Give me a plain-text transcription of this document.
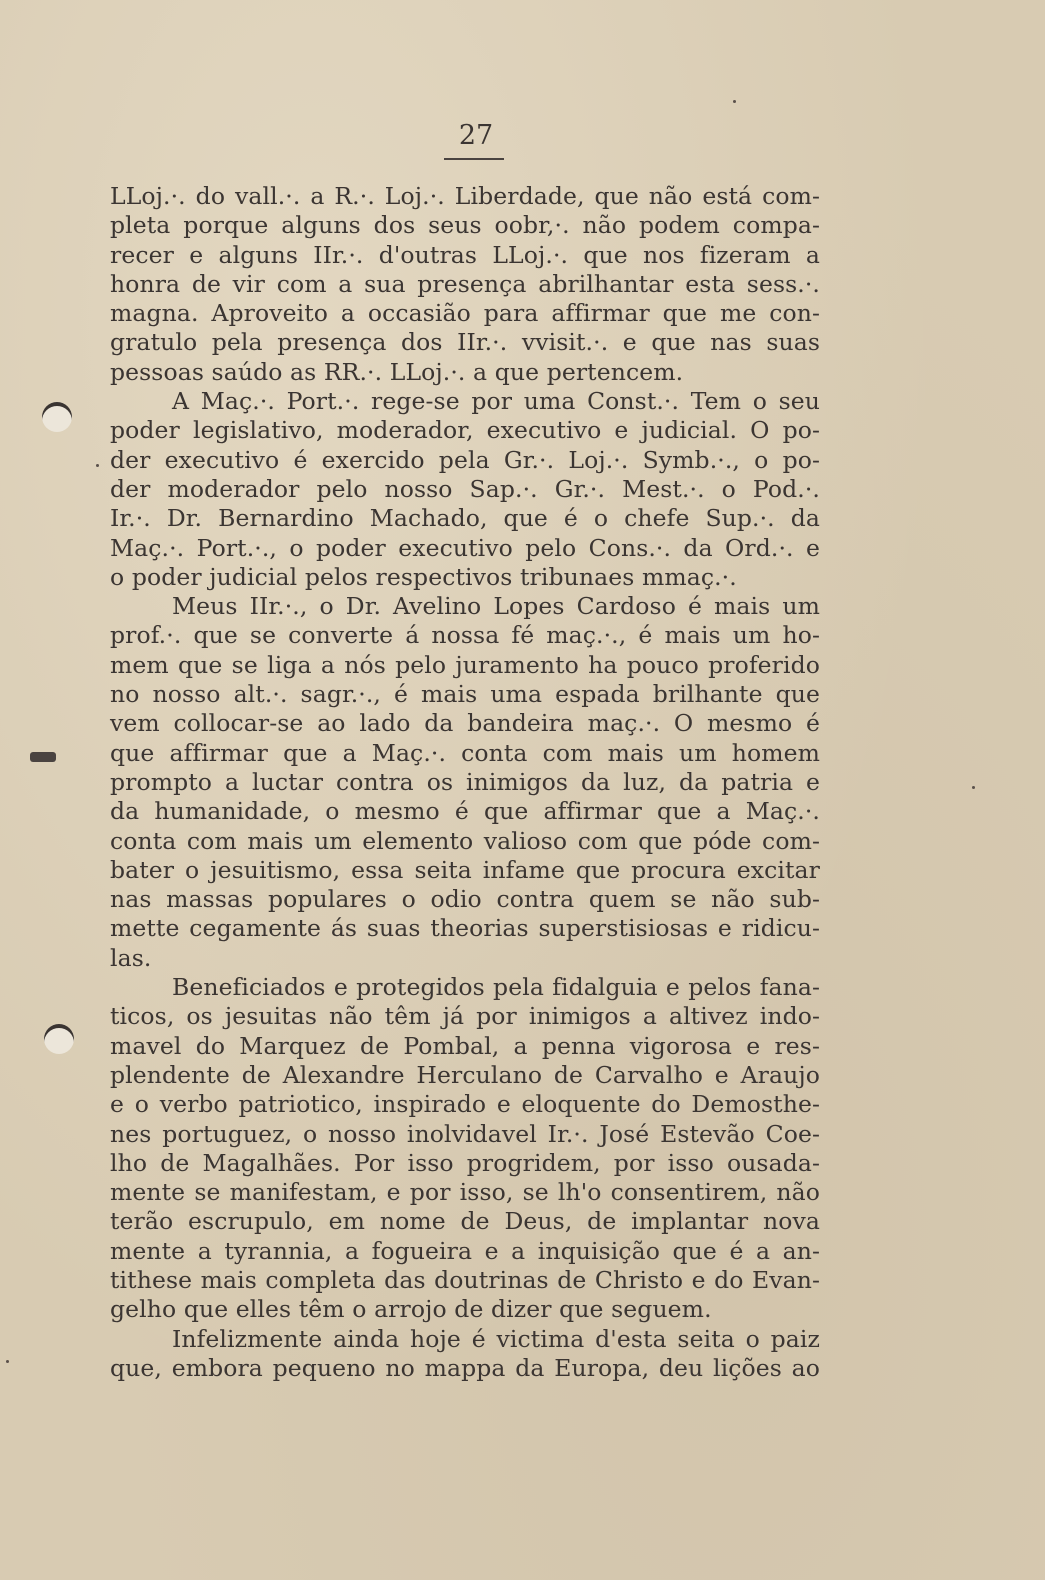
27
LLoj.·. do vall.·. a R.·. Loj.·. Liberdade, que não está com-
pleta porque alguns dos seus oobr,·. não podem compa-
recer e alguns IIr.·. d'outras LLoj.·. que nos fizeram a
honra de vir com a sua presença abrilhantar esta sess.·.
magna. Aproveito a occasião para affirmar que me con-
gratulo pela presença dos IIr.·. vvisit.·. e que nas suas
pessoas saúdo as RR.·. LLoj.·. a que pertencem.
A Maç.·. Port.·. rege-se por uma Const.·. Tem o seu
poder legislativo, moderador, executivo e judicial. O po-
der executivo é exercido pela Gr.·. Loj.·. Symb.·., o po-
der moderador pelo nosso Sap.·. Gr.·. Mest.·. o Pod.·.
Ir.·. Dr. Bernardino Machado, que é o chefe Sup.·. da
Maç.·. Port.·., o poder executivo pelo Cons.·. da Ord.·. e
o poder judicial pelos respectivos tribunaes mmaç.·.
Meus IIr.·., o Dr. Avelino Lopes Cardoso é mais um
prof.·. que se converte á nossa fé maç.·., é mais um ho-
mem que se liga a nós pelo juramento ha pouco proferido
no nosso alt.·. sagr.·., é mais uma espada brilhante que
vem collocar-se ao lado da bandeira maç.·. O mesmo é
que affirmar que a Maç.·. conta com mais um homem
prompto a luctar contra os inimigos da luz, da patria e
da humanidade, o mesmo é que affirmar que a Maç.·.
conta com mais um elemento valioso com que póde com-
bater o jesuitismo, essa seita infame que procura excitar
nas massas populares o odio contra quem se não sub-
mette cegamente ás suas theorias superstisiosas e ridicu-
las.
Beneficiados e protegidos pela fidalguia e pelos fana-
ticos, os jesuitas não têm já por inimigos a altivez indo-
mavel do Marquez de Pombal, a penna vigorosa e res-
plendente de Alexandre Herculano de Carvalho e Araujo
e o verbo patriotico, inspirado e eloquente do Demosthe-
nes portuguez, o nosso inolvidavel Ir.·. José Estevão Coe-
lho de Magalhães. Por isso progridem, por isso ousada-
mente se manifestam, e por isso, se lh'o consentirem, não
terão escrupulo, em nome de Deus, de implantar nova
mente a tyrannia, a fogueira e a inquisição que é a an-
tithese mais completa das doutrinas de Christo e do Evan-
gelho que elles têm o arrojo de dizer que seguem.
Infelizmente ainda hoje é victima d'esta seita o paiz
que, embora pequeno no mappa da Europa, deu lições ao
